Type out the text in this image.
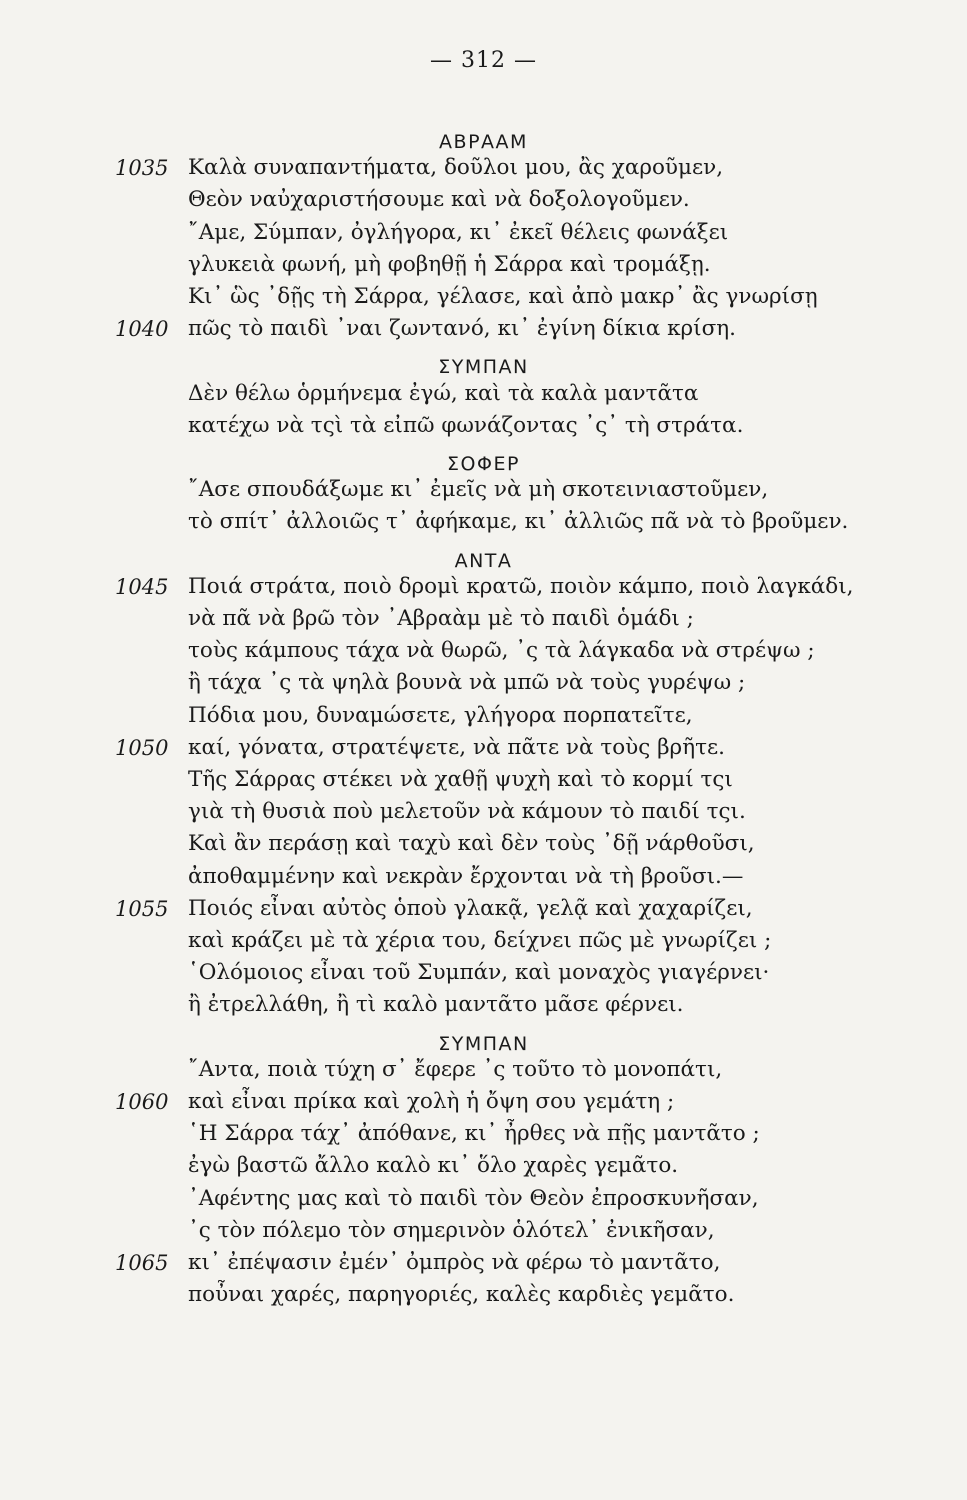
— 312 —
ΑΒΡΑΑΜ
1035 Καλὰ συναπαντήματα, δοῦλοι μου, ἂς χαροῦμεν,
Θεὸν ναὐχαριστήσουμε καὶ νὰ δοξολογοῦμεν.
῎Αμε, Σύμπαν, ὀγλήγορα, κι᾽ ἐκεῖ θέλεις φωνάξει
γλυκειὰ φωνή, μὴ φοβηθῇ ἡ Σάρρα καὶ τρομάξῃ.
Κι᾽ ὣς ᾽δῇς τὴ Σάρρα, γέλασε, καὶ ἀπὸ μακρ᾽ ἂς γνωρίσῃ
1040 πῶς τὸ παιδὶ ᾽ναι ζωντανό, κι᾽ ἐγίνη δίκια κρίση.
ΣΥΜΠΑΝ
Δὲν θέλω ὁρμήνεμα ἐγώ, καὶ τὰ καλὰ μαντᾶτα
κατέχω νὰ τςὶ τὰ εἰπῶ φωνάζοντας ᾽ς᾽ τὴ στράτα.
ΣΟΦΕΡ
῎Ασε σπουδάξωμε κι᾽ ἐμεῖς νὰ μὴ σκοτεινιαστοῦμεν,
τὸ σπίτ᾽ ἀλλοιῶς τ᾽ ἀφήκαμε, κι᾽ ἀλλιῶς πᾶ νὰ τὸ βροῦμεν.
ΑΝΤΑ
1045 Ποιά στράτα, ποιὸ δρομὶ κρατῶ, ποιὸν κάμπο, ποιὸ λαγκάδι,
νὰ πᾶ νὰ βρῶ τὸν ᾽Αβραὰμ μὲ τὸ παιδὶ ὁμάδι ;
τοὺς κάμπους τάχα νὰ θωρῶ, ᾽ς τὰ λάγκαδα νὰ στρέψω ;
ἢ τάχα ᾽ς τὰ ψηλὰ βουνὰ νὰ μπῶ νὰ τοὺς γυρέψω ;
Πόδια μου, δυναμώσετε, γλήγορα πορπατεῖτε,
1050 καί, γόνατα, στρατέψετε, νὰ πᾶτε νὰ τοὺς βρῆτε.
Τῆς Σάρρας στέκει νὰ χαθῇ ψυχὴ καὶ τὸ κορμί τςι
γιὰ τὴ θυσιὰ ποὺ μελετοῦν νὰ κάμουν τὸ παιδί τςι.
Καὶ ἂν περάσῃ καὶ ταχὺ καὶ δὲν τοὺς ᾽δῇ νάρθοῦσι,
ἀποθαμμένην καὶ νεκρὰν ἔρχονται νὰ τὴ βροῦσι.—
1055 Ποιός εἶναι αὐτὸς ὁποὺ γλακᾷ, γελᾷ καὶ χαχαρίζει,
καὶ κράζει μὲ τὰ χέρια του, δείχνει πῶς μὲ γνωρίζει ;
῾Ολόμοιος εἶναι τοῦ Συμπάν, καὶ μοναχὸς γιαγέρνει·
ἢ ἐτρελλάθη, ἢ τὶ καλὸ μαντᾶτο μᾶσε φέρνει.
ΣΥΜΠΑΝ
῎Αντα, ποιὰ τύχη σ᾽ ἔφερε ᾽ς τοῦτο τὸ μονοπάτι,
1060 καὶ εἶναι πρίκα καὶ χολὴ ἡ ὄψη σου γεμάτη ;
῾Η Σάρρα τάχ᾽ ἀπόθανε, κι᾽ ἦρθες νὰ πῇς μαντᾶτο ;
ἐγὼ βαστῶ ἄλλο καλὸ κι᾽ ὅλο χαρὲς γεμᾶτο.
᾽Αφέντης μας καὶ τὸ παιδὶ τὸν Θεὸν ἐπροσκυνῆσαν,
᾽ς τὸν πόλεμο τὸν σημερινὸν ὁλότελ᾽ ἐνικῆσαν,
1065 κι᾽ ἐπέψασιν ἐμέν᾽ ὀμπρὸς νὰ φέρω τὸ μαντᾶτο,
ποὖναι χαρές, παρηγοριές, καλὲς καρδιὲς γεμᾶτο.
